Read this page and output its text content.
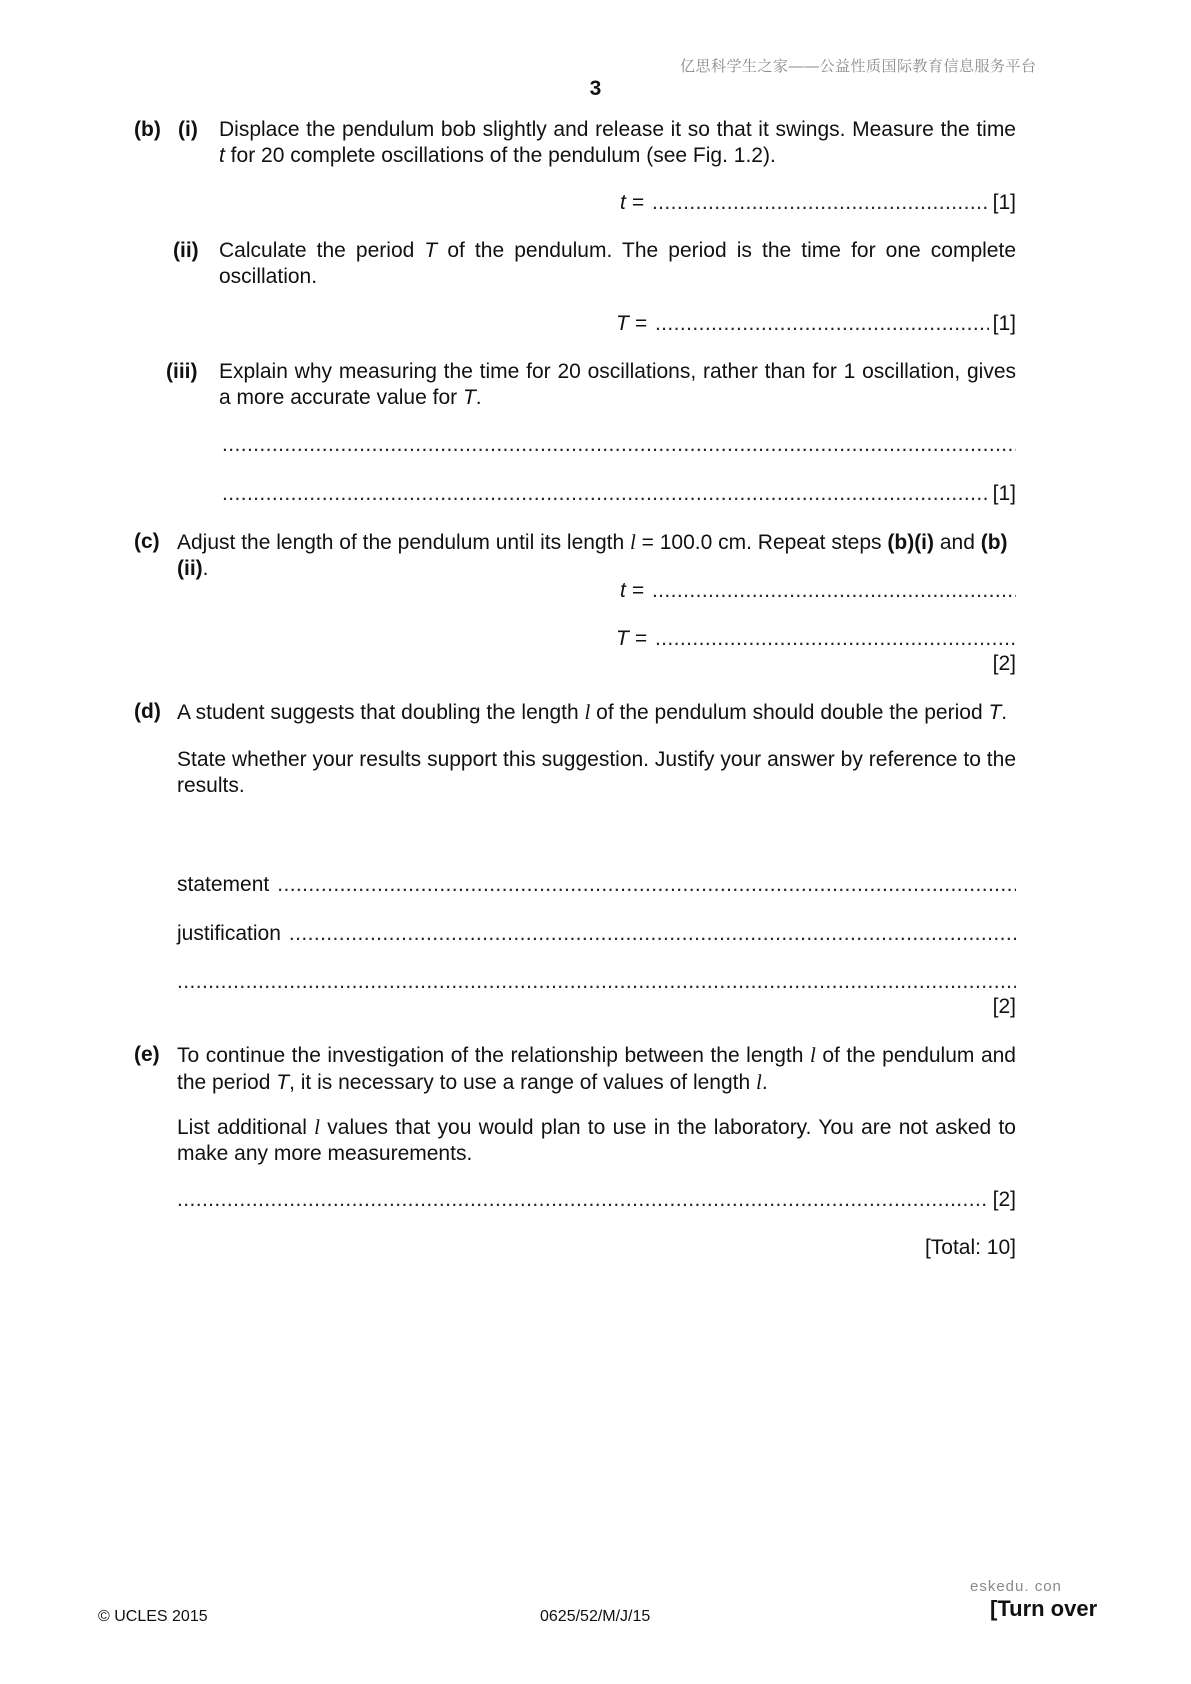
亿思科学生之家——公益性质国际教育信息服务平台
3
(b) (i) Displace the pendulum bob slightly and release it so that it swings. Measure the time t for 20 complete oscillations of the pendulum (see Fig. 1.2).
t = .....	[1]
(ii) Calculate the period T of the pendulum. The period is the time for one complete oscillation.
T = .....	[1]
(iii) Explain why measuring the time for 20 oscillations, rather than for 1 oscillation, gives a more accurate value for T.
.....
.....
[1]
(c) Adjust the length of the pendulum until its length l = 100.0 cm. Repeat steps (b)(i) and (b)(ii).
t =
.....
T =
.....
[2]
(d) A student suggests that doubling the length l of the pendulum should double the period T.
State whether your results support this suggestion. Justify your answer by reference to the results.
statement
.....
justification
.....
.....
[2]
(e) To continue the investigation of the relationship between the length l of the pendulum and the period T, it is necessary to use a range of values of length l.
List additional l values that you would plan to use in the laboratory. You are not asked to make any more measurements.
.....
[2]
[Total: 10]
eskedu. con
© UCLES 2015	0625/52/M/J/15	[Turn over
